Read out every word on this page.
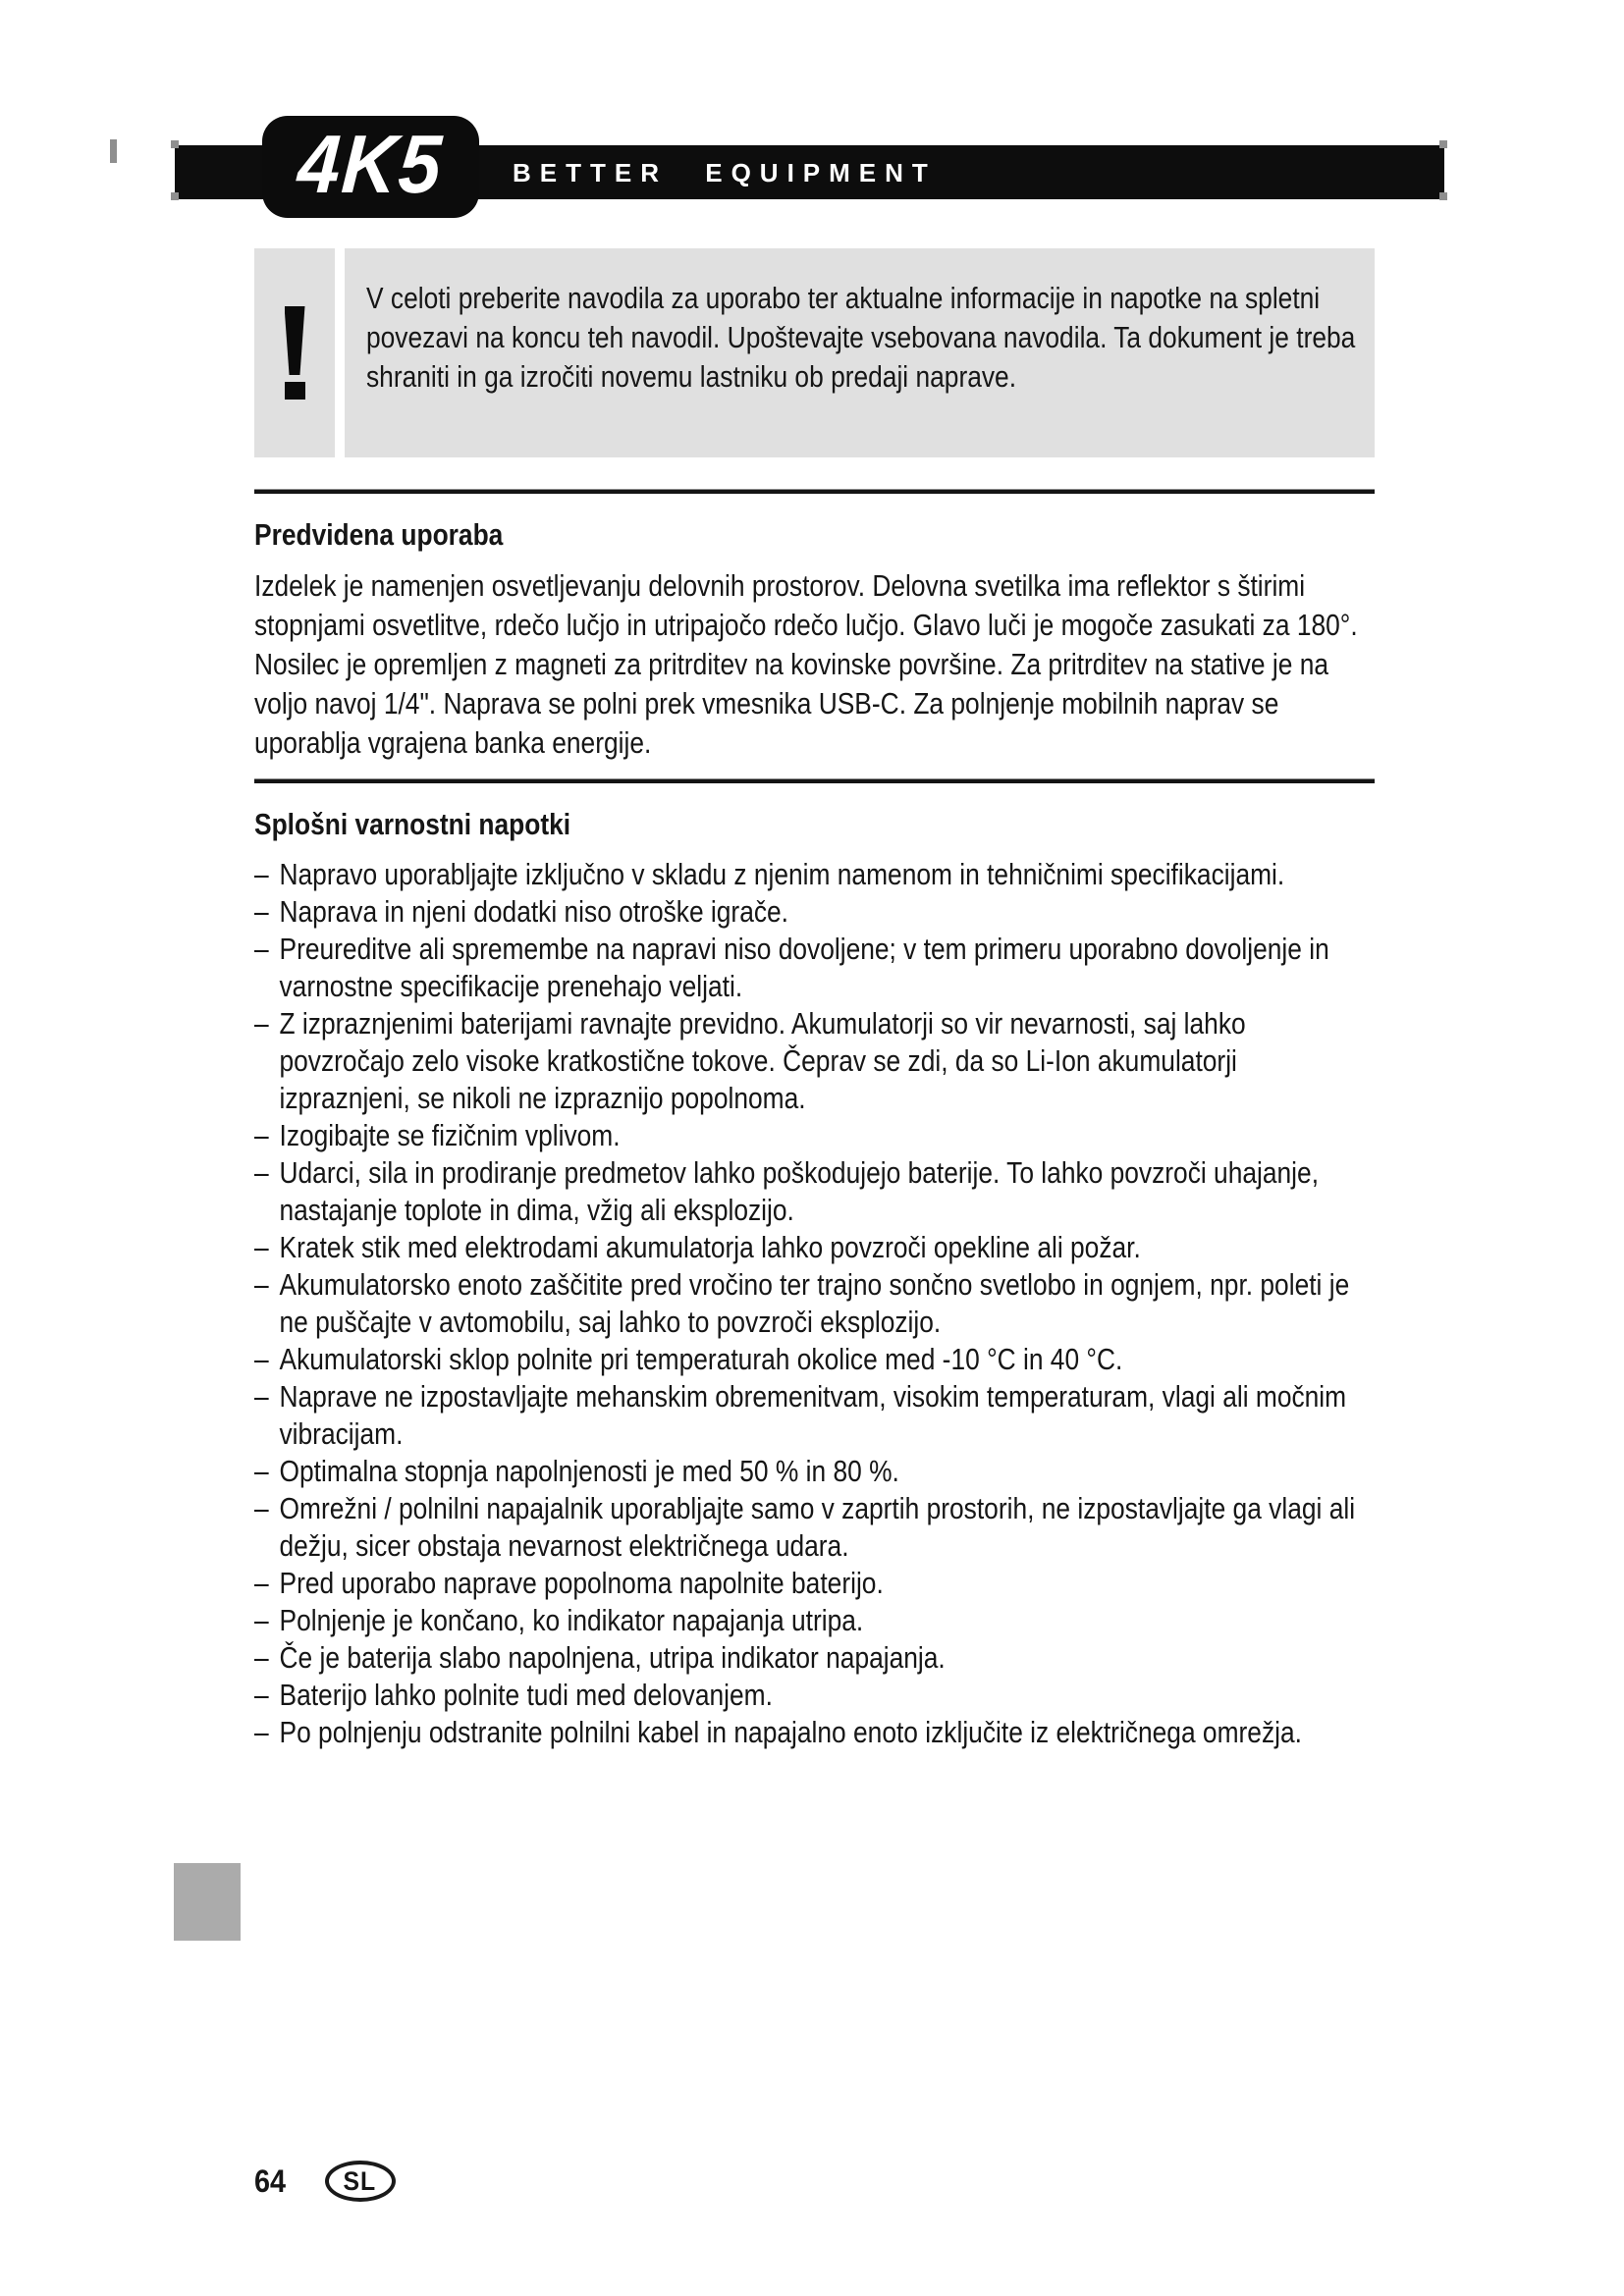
BETTER EQUIPMENT
4K5
V celoti preberite navodila za uporabo ter aktualne informacije in napotke na spletni povezavi na koncu teh navodil. Upoštevajte vsebovana navodila. Ta dokument je treba shraniti in ga izročiti novemu lastniku ob predaji naprave.
Predvidena uporaba
Izdelek je namenjen osvetljevanju delovnih prostorov. Delovna svetilka ima reflektor s štirimi stopnjami osvetlitve, rdečo lučjo in utripajočo rdečo lučjo. Glavo luči je mogoče zasukati za 180°. Nosilec je opremljen z magneti za pritrditev na kovinske površine. Za pritrditev na stative je na voljo navoj 1/4". Naprava se polni prek vmesnika USB-C. Za polnjenje mobilnih naprav se uporablja vgrajena banka energije.
Splošni varnostni napotki
– Napravo uporabljajte izključno v skladu z njenim namenom in tehničnimi specifikacijami.
– Naprava in njeni dodatki niso otroške igrače.
– Preureditve ali spremembe na napravi niso dovoljene; v tem primeru uporabno dovoljenje in varnostne specifikacije prenehajo veljati.
– Z izpraznjenimi baterijami ravnajte previdno. Akumulatorji so vir nevarnosti, saj lahko povzročajo zelo visoke kratkostične tokove. Čeprav se zdi, da so Li-Ion akumulatorji izpraznjeni, se nikoli ne izpraznijo popolnoma.
– Izogibajte se fizičnim vplivom.
– Udarci, sila in prodiranje predmetov lahko poškodujejo baterije. To lahko povzroči uhajanje, nastajanje toplote in dima, vžig ali eksplozijo.
– Kratek stik med elektrodami akumulatorja lahko povzroči opekline ali požar.
– Akumulatorsko enoto zaščitite pred vročino ter trajno sončno svetlobo in ognjem, npr. poleti je ne puščajte v avtomobilu, saj lahko to povzroči eksplozijo.
– Akumulatorski sklop polnite pri temperaturah okolice med -10 °C in 40 °C.
– Naprave ne izpostavljajte mehanskim obremenitvam, visokim temperaturam, vlagi ali močnim vibracijam.
– Optimalna stopnja napolnjenosti je med 50 % in 80 %.
– Omrežni / polnilni napajalnik uporabljajte samo v zaprtih prostorih, ne izpostavljajte ga vlagi ali dežju, sicer obstaja nevarnost električnega udara.
– Pred uporabo naprave popolnoma napolnite baterijo.
– Polnjenje je končano, ko indikator napajanja utripa.
– Če je baterija slabo napolnjena, utripa indikator napajanja.
– Baterijo lahko polnite tudi med delovanjem.
– Po polnjenju odstranite polnilni kabel in napajalno enoto izključite iz električnega omrežja.
64 SL
